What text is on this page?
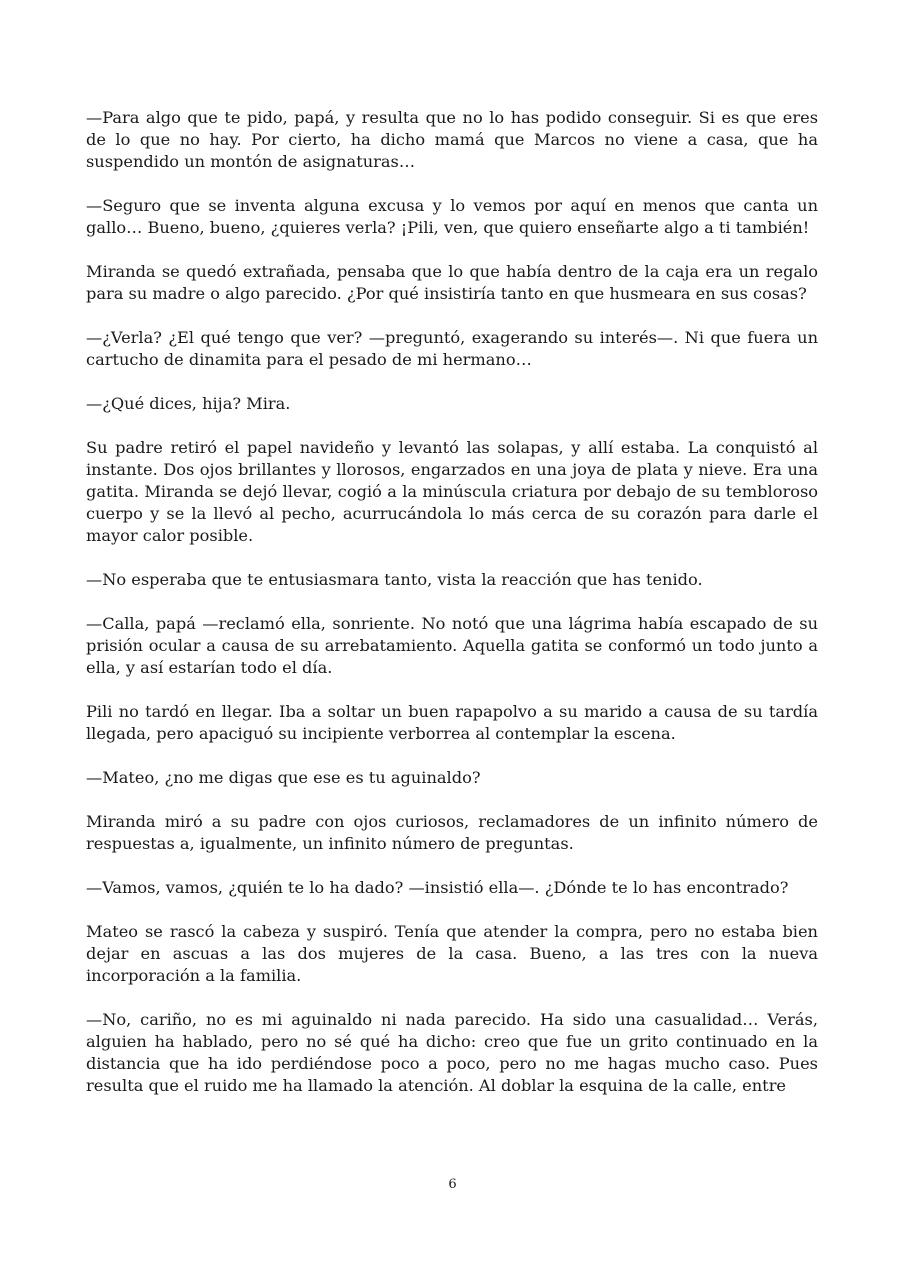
—Para algo que te pido, papá, y resulta que no lo has podido conseguir. Si es que eres de lo que no hay. Por cierto, ha dicho mamá que Marcos no viene a casa, que ha suspendido un montón de asignaturas…

—Seguro que se inventa alguna excusa y lo vemos por aquí en menos que canta un gallo… Bueno, bueno, ¿quieres verla? ¡Pili, ven, que quiero enseñarte algo a ti también!

Miranda se quedó extrañada, pensaba que lo que había dentro de la caja era un regalo para su madre o algo parecido. ¿Por qué insistiría tanto en que husmeara en sus cosas?

—¿Verla? ¿El qué tengo que ver? —preguntó, exagerando su interés—. Ni que fuera un cartucho de dinamita para el pesado de mi hermano…

—¿Qué dices, hija? Mira.

Su padre retiró el papel navideño y levantó las solapas, y allí estaba. La conquistó al instante. Dos ojos brillantes y llorosos, engarzados en una joya de plata y nieve. Era una gatita. Miranda se dejó llevar, cogió a la minúscula criatura por debajo de su tembloroso cuerpo y se la llevó al pecho, acurrucándola lo más cerca de su corazón para darle el mayor calor posible.

—No esperaba que te entusiasmara tanto, vista la reacción que has tenido.

—Calla, papá —reclamó ella, sonriente. No notó que una lágrima había escapado de su prisión ocular a causa de su arrebatamiento. Aquella gatita se conformó un todo junto a ella, y así estarían todo el día.

Pili no tardó en llegar. Iba a soltar un buen rapapolvo a su marido a causa de su tardía llegada, pero apaciguó su incipiente verborrea al contemplar la escena.

—Mateo, ¿no me digas que ese es tu aguinaldo?

Miranda miró a su padre con ojos curiosos, reclamadores de un infinito número de respuestas a, igualmente, un infinito número de preguntas.

—Vamos, vamos, ¿quién te lo ha dado? —insistió ella—. ¿Dónde te lo has encontrado?

Mateo se rascó la cabeza y suspiró. Tenía que atender la compra, pero no estaba bien dejar en ascuas a las dos mujeres de la casa. Bueno, a las tres con la nueva incorporación a la familia.

—No, cariño, no es mi aguinaldo ni nada parecido. Ha sido una casualidad… Verás, alguien ha hablado, pero no sé qué ha dicho: creo que fue un grito continuado en la distancia que ha ido perdiéndose poco a poco, pero no me hagas mucho caso. Pues resulta que el ruido me ha llamado la atención. Al doblar la esquina de la calle, entre

6
